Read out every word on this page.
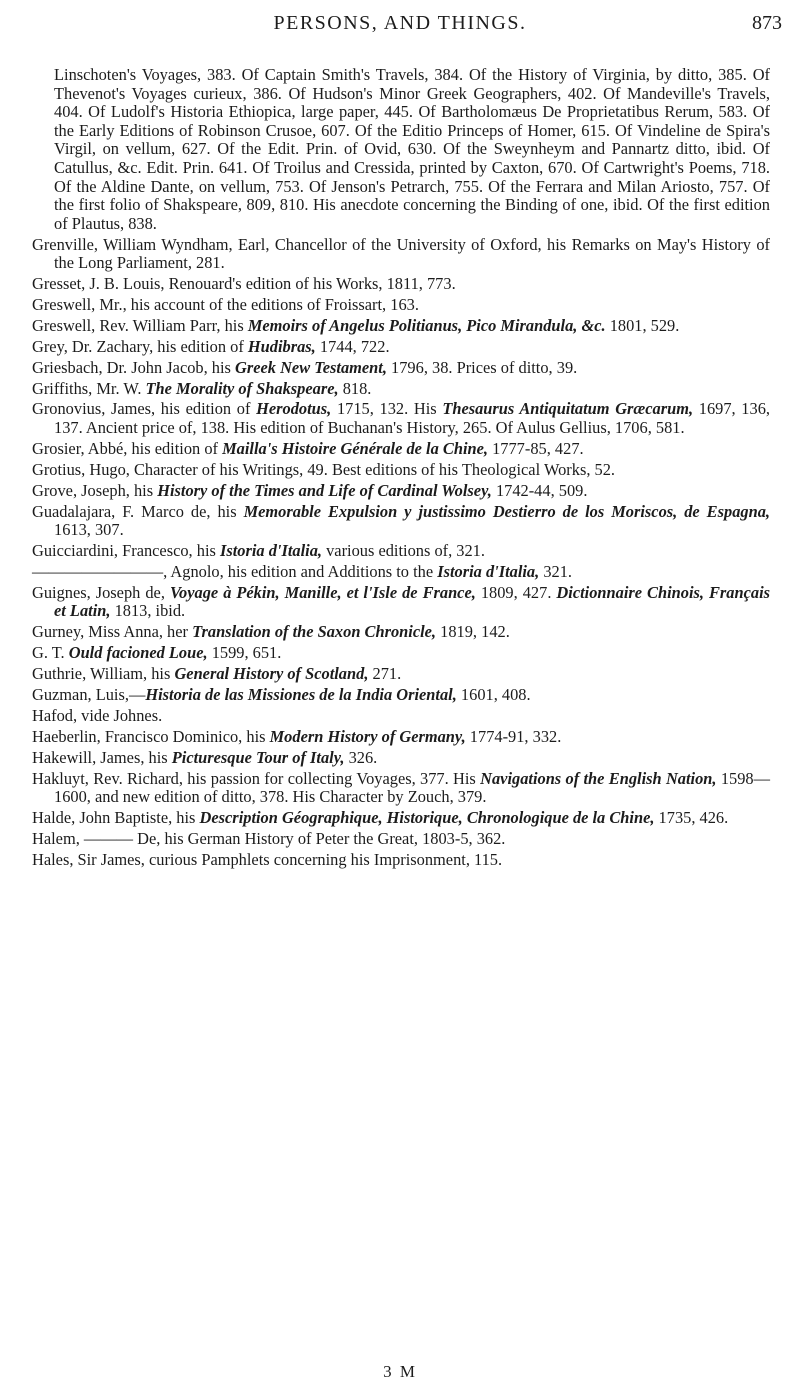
PERSONS, AND THINGS.	873

Linschoten's Voyages, 383. Of Captain Smith's Travels, 384. Of the History of Virginia, by ditto, 385. Of Thevenot's Voyages curieux, 386. Of Hudson's Minor Greek Geographers, 402. Of Mandeville's Travels, 404. Of Ludolf's Historia Ethiopica, large paper, 445. Of Bartholomæus De Proprietatibus Rerum, 583. Of the Early Editions of Robinson Crusoe, 607. Of the Editio Princeps of Homer, 615. Of Vindeline de Spira's Virgil, on vellum, 627. Of the Edit. Prin. of Ovid, 630. Of the Sweynheym and Pannartz ditto, ibid. Of Catullus, &c. Edit. Prin. 641. Of Troilus and Cressida, printed by Caxton, 670. Of Cartwright's Poems, 718. Of the Aldine Dante, on vellum, 753. Of Jenson's Petrarch, 755. Of the Ferrara and Milan Ariosto, 757. Of the first folio of Shakspeare, 809, 810. His anecdote concerning the Binding of one, ibid. Of the first edition of Plautus, 838.

Grenville, William Wyndham, Earl, Chancellor of the University of Oxford, his Remarks on May's History of the Long Parliament, 281.

Gresset, J. B. Louis, Renouard's edition of his Works, 1811, 773.

Greswell, Mr., his account of the editions of Froissart, 163.

Greswell, Rev. William Parr, his Memoirs of Angelus Politianus, Pico Mirandula, &c. 1801, 529.

Grey, Dr. Zachary, his edition of Hudibras, 1744, 722.

Griesbach, Dr. John Jacob, his Greek New Testament, 1796, 38. Prices of ditto, 39.

Griffiths, Mr. W. The Morality of Shakspeare, 818.

Gronovius, James, his edition of Herodotus, 1715, 132. His Thesaurus Antiquitatum Græcarum, 1697, 136, 137. Ancient price of, 138. His edition of Buchanan's History, 265. Of Aulus Gellius, 1706, 581.

Grosier, Abbé, his edition of Mailla's Histoire Générale de la Chine, 1777-85, 427.

Grotius, Hugo, Character of his Writings, 49. Best editions of his Theological Works, 52.

Grove, Joseph, his History of the Times and Life of Cardinal Wolsey, 1742-44, 509.

Guadalajara, F. Marco de, his Memorable Expulsion y justissimo Destierro de los Moriscos, de Espagna, 1613, 307.

Guicciardini, Francesco, his Istoria d'Italia, various editions of, 321.

————————, Agnolo, his edition and Additions to the Istoria d'Italia, 321.

Guignes, Joseph de, Voyage à Pékin, Manille, et l'Isle de France, 1809, 427. Dictionnaire Chinois, Français et Latin, 1813, ibid.

Gurney, Miss Anna, her Translation of the Saxon Chronicle, 1819, 142.

G. T. Ould facioned Loue, 1599, 651.

Guthrie, William, his General History of Scotland, 271.

Guzman, Luis,—Historia de las Missiones de la India Oriental, 1601, 408.

Hafod, vide Johnes.

Haeberlin, Francisco Dominico, his Modern History of Germany, 1774-91, 332.

Hakewill, James, his Picturesque Tour of Italy, 326.

Hakluyt, Rev. Richard, his passion for collecting Voyages, 377. His Navigations of the English Nation, 1598—1600, and new edition of ditto, 378. His Character by Zouch, 379.

Halde, John Baptiste, his Description Géographique, Historique, Chronologique de la Chine, 1735, 426.

Halem, ——— De, his German History of Peter the Great, 1803-5, 362.

Hales, Sir James, curious Pamphlets concerning his Imprisonment, 115.

3 M
